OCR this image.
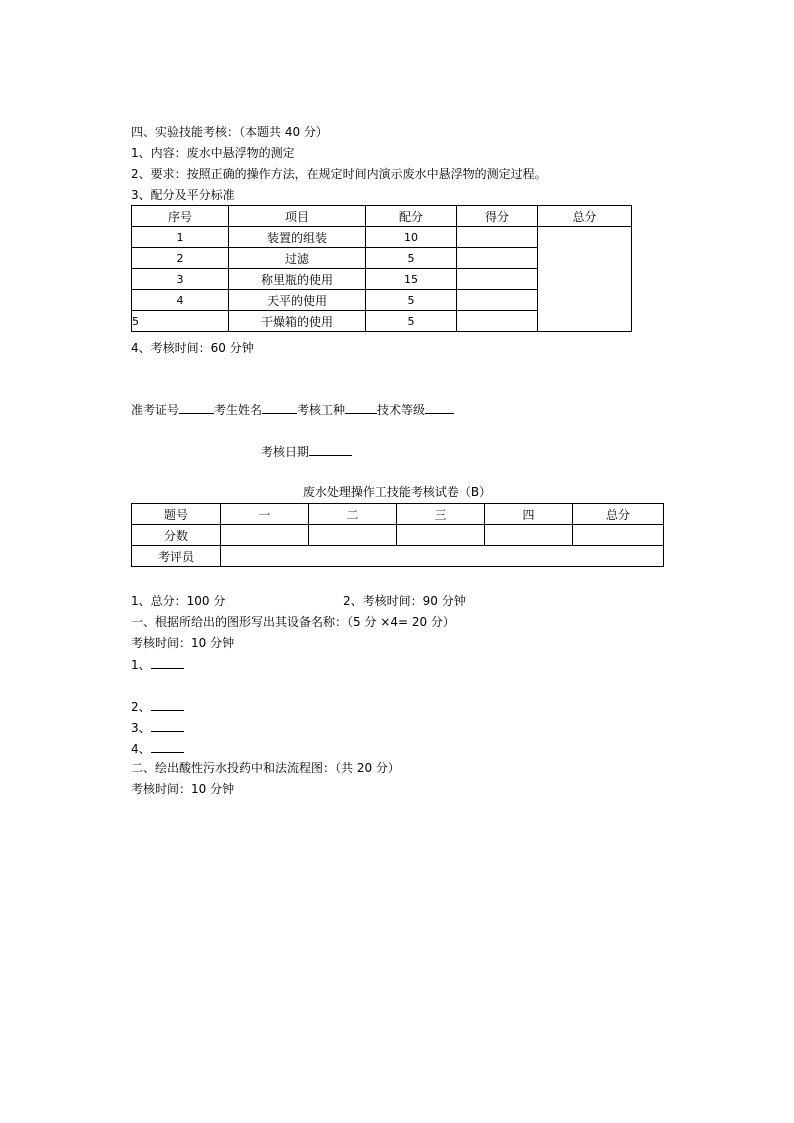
四、实验技能考核：（本题共 40 分）
1、内容：废水中悬浮物的测定
2、要求：按照正确的操作方法，在规定时间内演示废水中悬浮物的测定过程。
3、配分及平分标准
序号	项目	配分	得分	总分
1	装置的组装	10		
2	过滤	5		
3	称里瓶的使用	15		
4	天平的使用	5		
5	干燥箱的使用	5		
4、考核时间：60 分钟
准考证号	考生姓名	考核工种	技术等级
考核日期
废水处理操作工技能考核试卷（B）
题号	一	二	三	四	总分
分数					
考评员					
1、总分：100 分	2、考核时间：90 分钟
一、根据所给出的图形写出其设备名称：（5 分 ×4= 20 分）
考核时间：10 分钟
1、
2、
3、
4、
二、绘出酸性污水投药中和法流程图：（共 20 分）
考核时间：10 分钟
